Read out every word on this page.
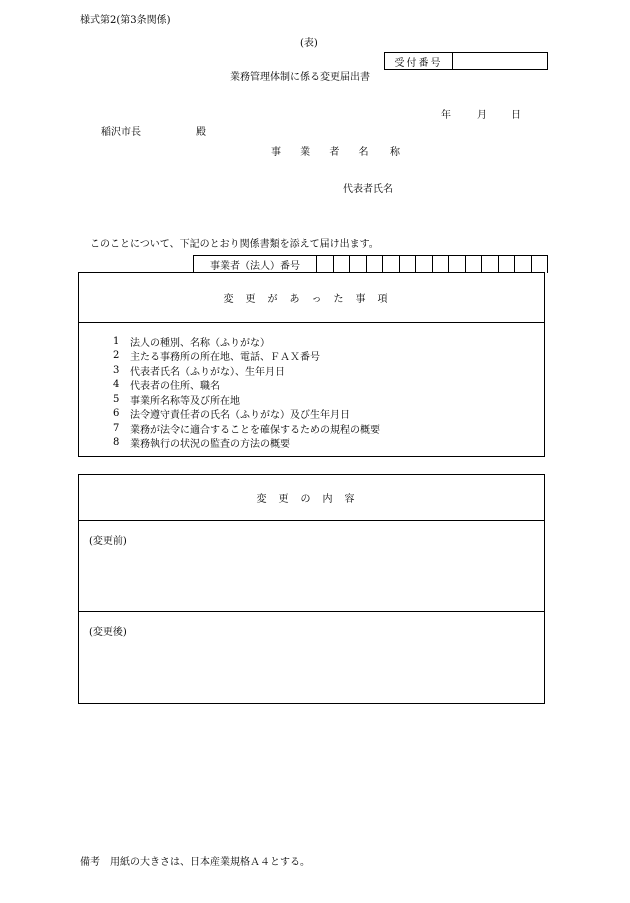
様式第2(第3条関係)
(表)
受付番号
業務管理体制に係る変更届出書
年	月 日
稲沢市長	殿
事 業 者 名 称
代表者氏名
このことについて、下記のとおり関係書類を添えて届け出ます。
事業者（法人）番号
変更があった事項
1	法人の種別、名称（ふりがな）
2	主たる事務所の所在地、電話、ＦＡＸ番号
3	代表者氏名（ふりがな）、生年月日
4	代表者の住所、職名
5	事業所名称等及び所在地
6	法令遵守責任者の氏名（ふりがな）及び生年月日
7	業務が法令に適合することを確保するための規程の概要
8	業務執行の状況の監査の方法の概要
変更の内容
(変更前)
(変更後)
備考　用紙の大きさは、日本産業規格Ａ４とする。
